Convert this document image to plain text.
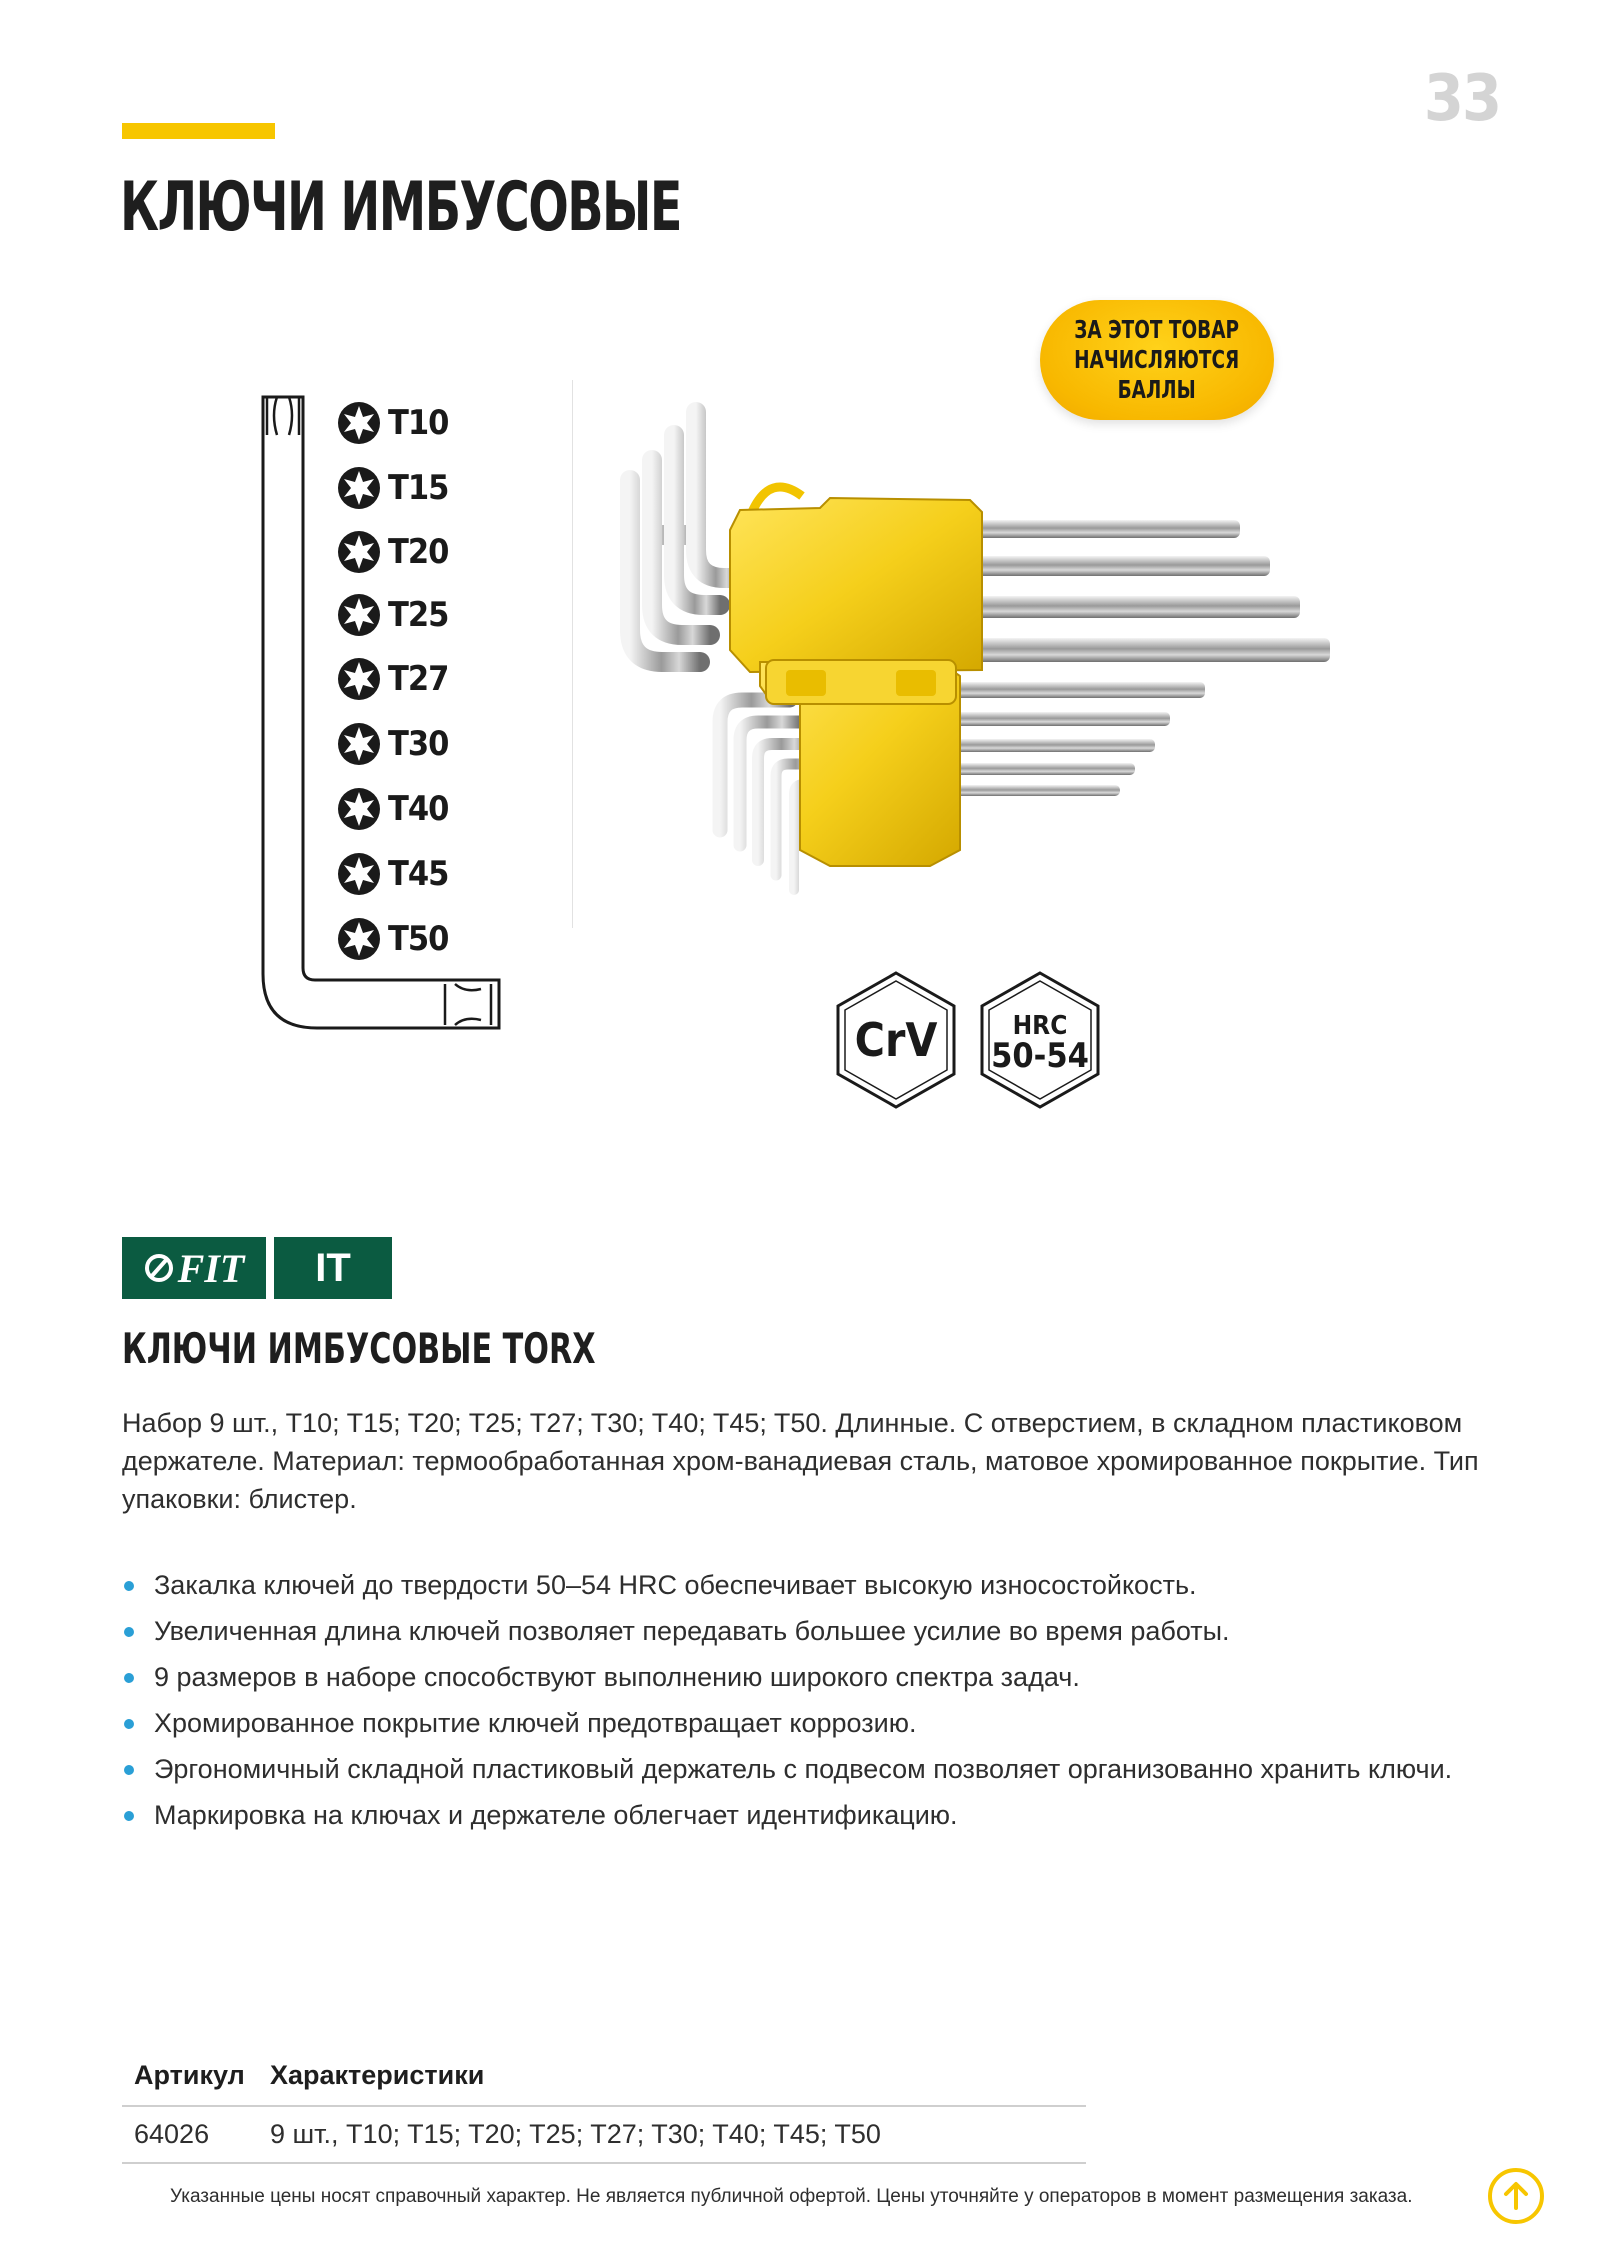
33
КЛЮЧИ ИМБУСОВЫЕ
T10
T15
T20
T25
T27
T30
T40
T45
T50
ЗА ЭТОТ ТОВАР
НАЧИСЛЯЮТСЯ
БАЛЛЫ
CrV	HRC
50-54
FIT IT
КЛЮЧИ ИМБУСОВЫЕ TORX
Набор 9 шт., T10; T15; T20; T25; T27; T30; T40; T45; T50. Длинные. С отверстием, в складном пластиковом держателе. Материал: термообработанная хром-ванадиевая сталь, матовое хромированное покрытие. Тип упаковки: блистер.
Закалка ключей до твердости 50–54 HRC обеспечивает высокую износостойкость.
Увеличенная длина ключей позволяет передавать большее усилие во время работы.
9 размеров в наборе способствуют выполнению широкого спектра задач.
Хромированное покрытие ключей предотвращает коррозию.
Эргономичный складной пластиковый держатель с подвесом позволяет организованно хранить ключи.
Маркировка на ключах и держателе облегчает идентификацию.
Артикул	Характеристики
64026	9 шт., T10; T15; T20; T25; T27; T30; T40; T45; T50
Указанные цены носят справочный характер. Не является публичной офертой. Цены уточняйте у операторов в момент размещения заказа.
